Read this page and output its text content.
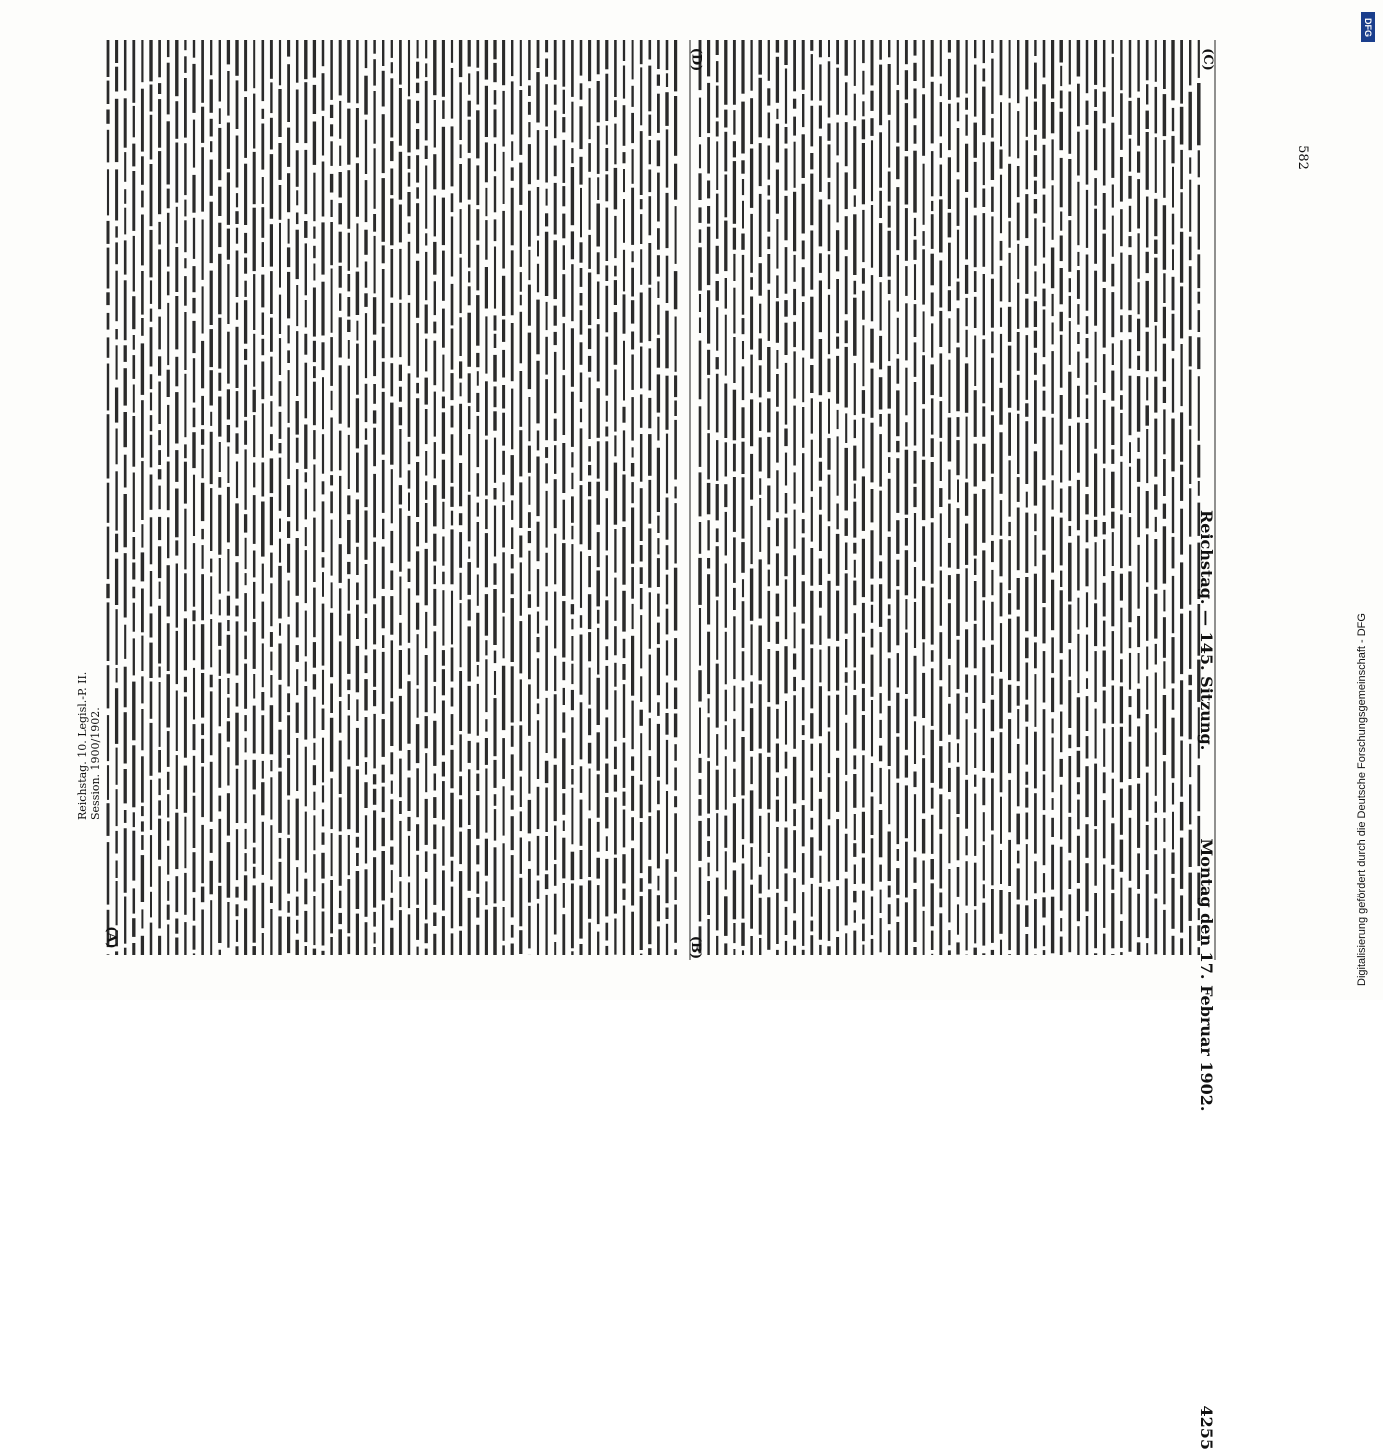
Reichstag. — 145. Sitzung.
Montag den 17. Februar 1902.
4255
(A)	(B)
(C)
(D)
Reichstag. 10. Legisl.-P. II. Session. 1900/1902.
582
Digitalisierung gefördert durch die Deutsche Forschungsgemeinschaft - DFG
DFG
